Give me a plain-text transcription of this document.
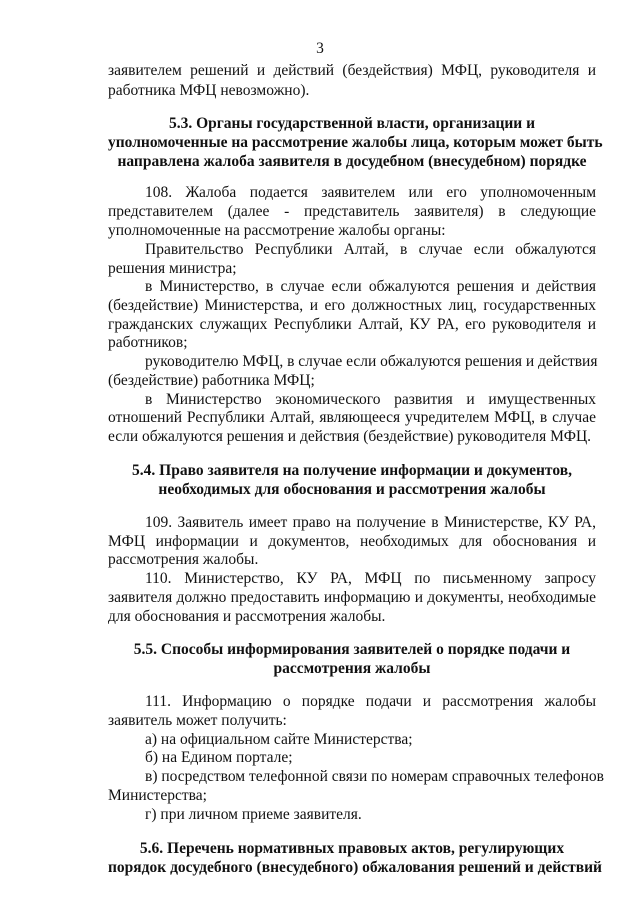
3
заявителем решений и действий (бездействия) МФЦ, руководителя и
работника МФЦ невозможно).
5.3. Органы государственной власти, организации и
уполномоченные на рассмотрение жалобы лица, которым может быть
направлена жалоба заявителя в досудебном (внесудебном) порядке
108. Жалоба подается заявителем или его уполномоченным
представителем (далее - представитель заявителя) в следующие
уполномоченные на рассмотрение жалобы органы:
Правительство Республики Алтай, в случае если обжалуются
решения министра;
в Министерство, в случае если обжалуются решения и действия
(бездействие) Министерства, и его должностных лиц, государственных
гражданских служащих Республики Алтай, КУ РА, его руководителя и
работников;
руководителю МФЦ, в случае если обжалуются решения и действия
(бездействие) работника МФЦ;
в Министерство экономического развития и имущественных
отношений Республики Алтай, являющееся учредителем МФЦ, в случае
если обжалуются решения и действия (бездействие) руководителя МФЦ.
5.4. Право заявителя на получение информации и документов,
необходимых для обоснования и рассмотрения жалобы
109. Заявитель имеет право на получение в Министерстве, КУ РА,
МФЦ информации и документов, необходимых для обоснования и
рассмотрения жалобы.
110. Министерство, КУ РА, МФЦ по письменному запросу
заявителя должно предоставить информацию и документы, необходимые
для обоснования и рассмотрения жалобы.
5.5. Способы информирования заявителей о порядке подачи и
рассмотрения жалобы
111. Информацию о порядке подачи и рассмотрения жалобы
заявитель может получить:
а) на официальном сайте Министерства;
б) на Едином портале;
в) посредством телефонной связи по номерам справочных телефонов
Министерства;
г) при личном приеме заявителя.
5.6. Перечень нормативных правовых актов, регулирующих
порядок досудебного (внесудебного) обжалования решений и действий
